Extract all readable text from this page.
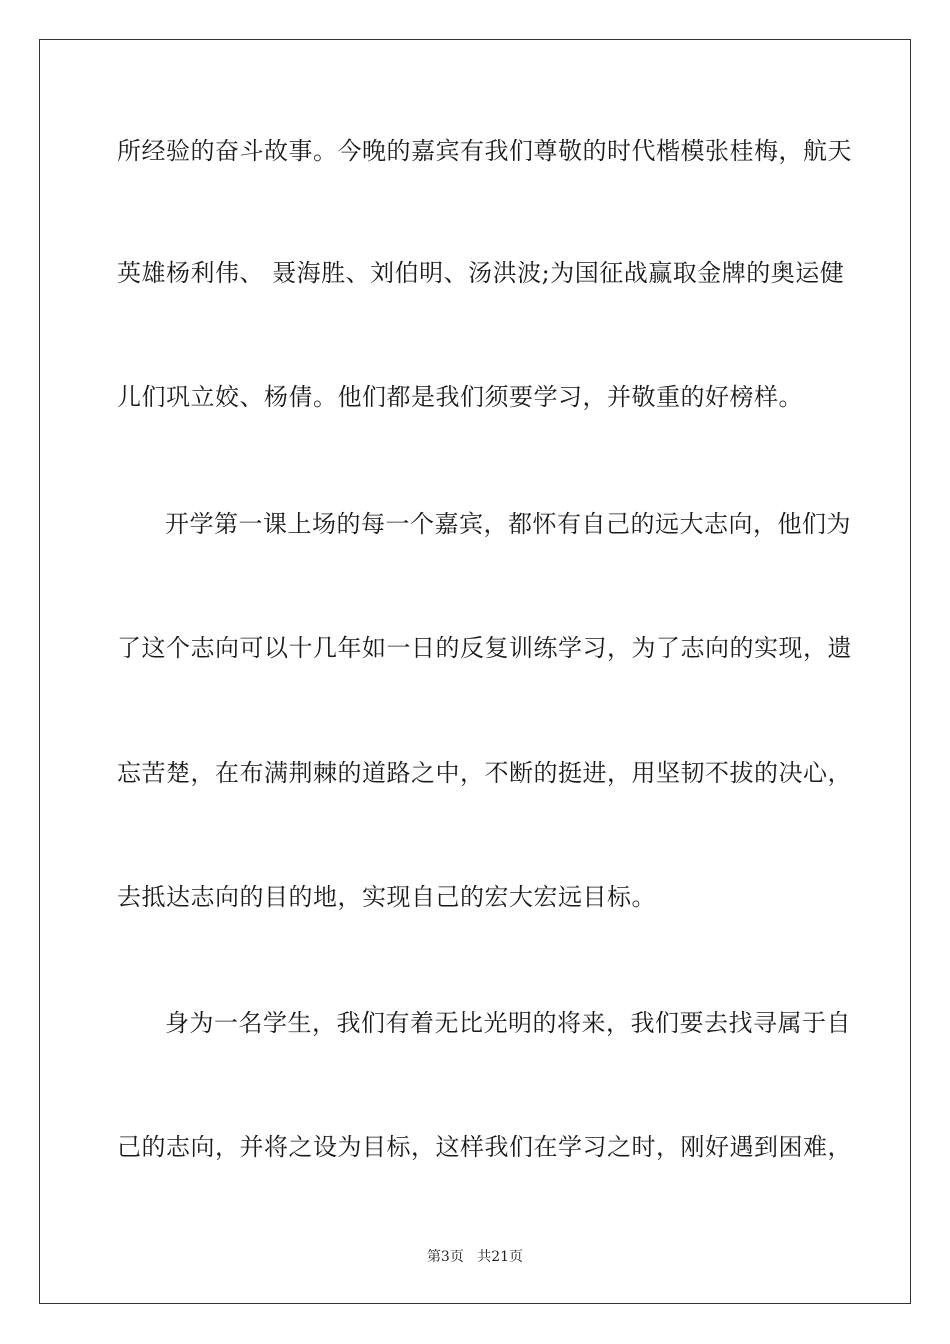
所经验的奋斗故事。今晚的嘉宾有我们尊敬的时代楷模张桂梅，航天
英雄杨利伟、 聂海胜、刘伯明、汤洪波;为国征战赢取金牌的奥运健
儿们巩立姣、杨倩。他们都是我们须要学习，并敬重的好榜样。
开学第一课上场的每一个嘉宾，都怀有自己的远大志向，他们为
了这个志向可以十几年如一日的反复训练学习，为了志向的实现，遗
忘苦楚，在布满荆棘的道路之中，不断的挺进，用坚韧不拔的决心，
去抵达志向的目的地，实现自己的宏大宏远目标。
身为一名学生，我们有着无比光明的将来，我们要去找寻属于自
己的志向，并将之设为目标，这样我们在学习之时，刚好遇到困难，
第3页 共21页
